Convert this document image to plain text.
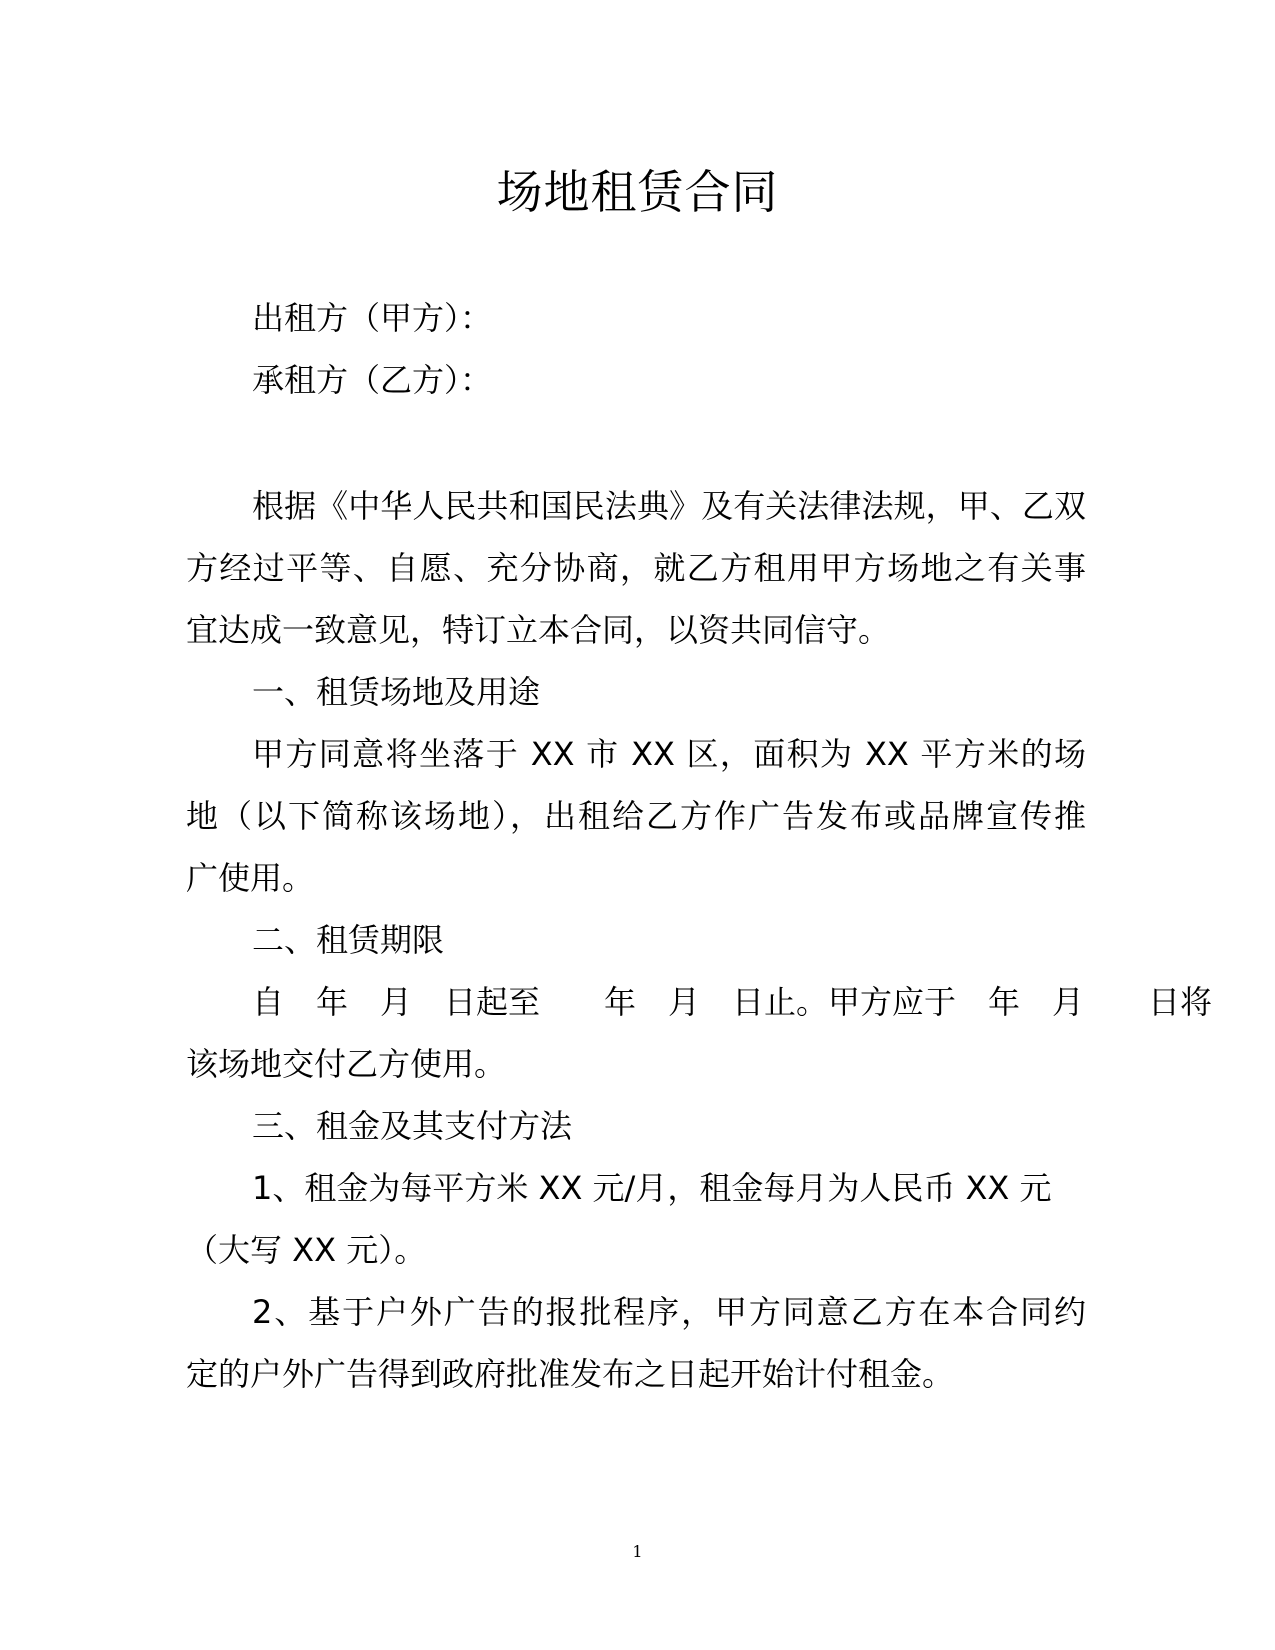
场地租赁合同
出租方（甲方）：
承租方（乙方）：
根据《中华人民共和国民法典》及有关法律法规，甲、乙双
方经过平等、自愿、充分协商，就乙方租用甲方场地之有关事
宜达成一致意见，特订立本合同，以资共同信守。
一、租赁场地及用途
甲方同意将坐落于 XX 市 XX 区，面积为 XX 平方米的场
地（以下简称该场地），出租给乙方作广告发布或品牌宣传推
广使用。
二、租赁期限
自　年　月　日起至　　年　月　日止。甲方应于　年　月　　日将
该场地交付乙方使用。
三、租金及其支付方法
1、租金为每平方米 XX 元/月，租金每月为人民币 XX 元
（大写 XX 元）。
2、基于户外广告的报批程序，甲方同意乙方在本合同约
定的户外广告得到政府批准发布之日起开始计付租金。
1
